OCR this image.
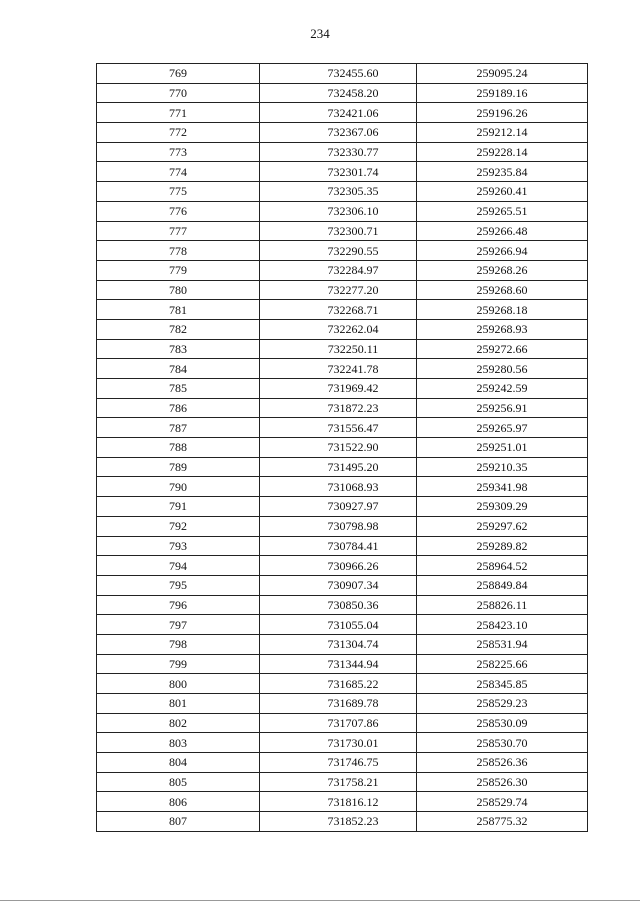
234
769	732455.60	259095.24
770	732458.20	259189.16
771	732421.06	259196.26
772	732367.06	259212.14
773	732330.77	259228.14
774	732301.74	259235.84
775	732305.35	259260.41
776	732306.10	259265.51
777	732300.71	259266.48
778	732290.55	259266.94
779	732284.97	259268.26
780	732277.20	259268.60
781	732268.71	259268.18
782	732262.04	259268.93
783	732250.11	259272.66
784	732241.78	259280.56
785	731969.42	259242.59
786	731872.23	259256.91
787	731556.47	259265.97
788	731522.90	259251.01
789	731495.20	259210.35
790	731068.93	259341.98
791	730927.97	259309.29
792	730798.98	259297.62
793	730784.41	259289.82
794	730966.26	258964.52
795	730907.34	258849.84
796	730850.36	258826.11
797	731055.04	258423.10
798	731304.74	258531.94
799	731344.94	258225.66
800	731685.22	258345.85
801	731689.78	258529.23
802	731707.86	258530.09
803	731730.01	258530.70
804	731746.75	258526.36
805	731758.21	258526.30
806	731816.12	258529.74
807	731852.23	258775.32
